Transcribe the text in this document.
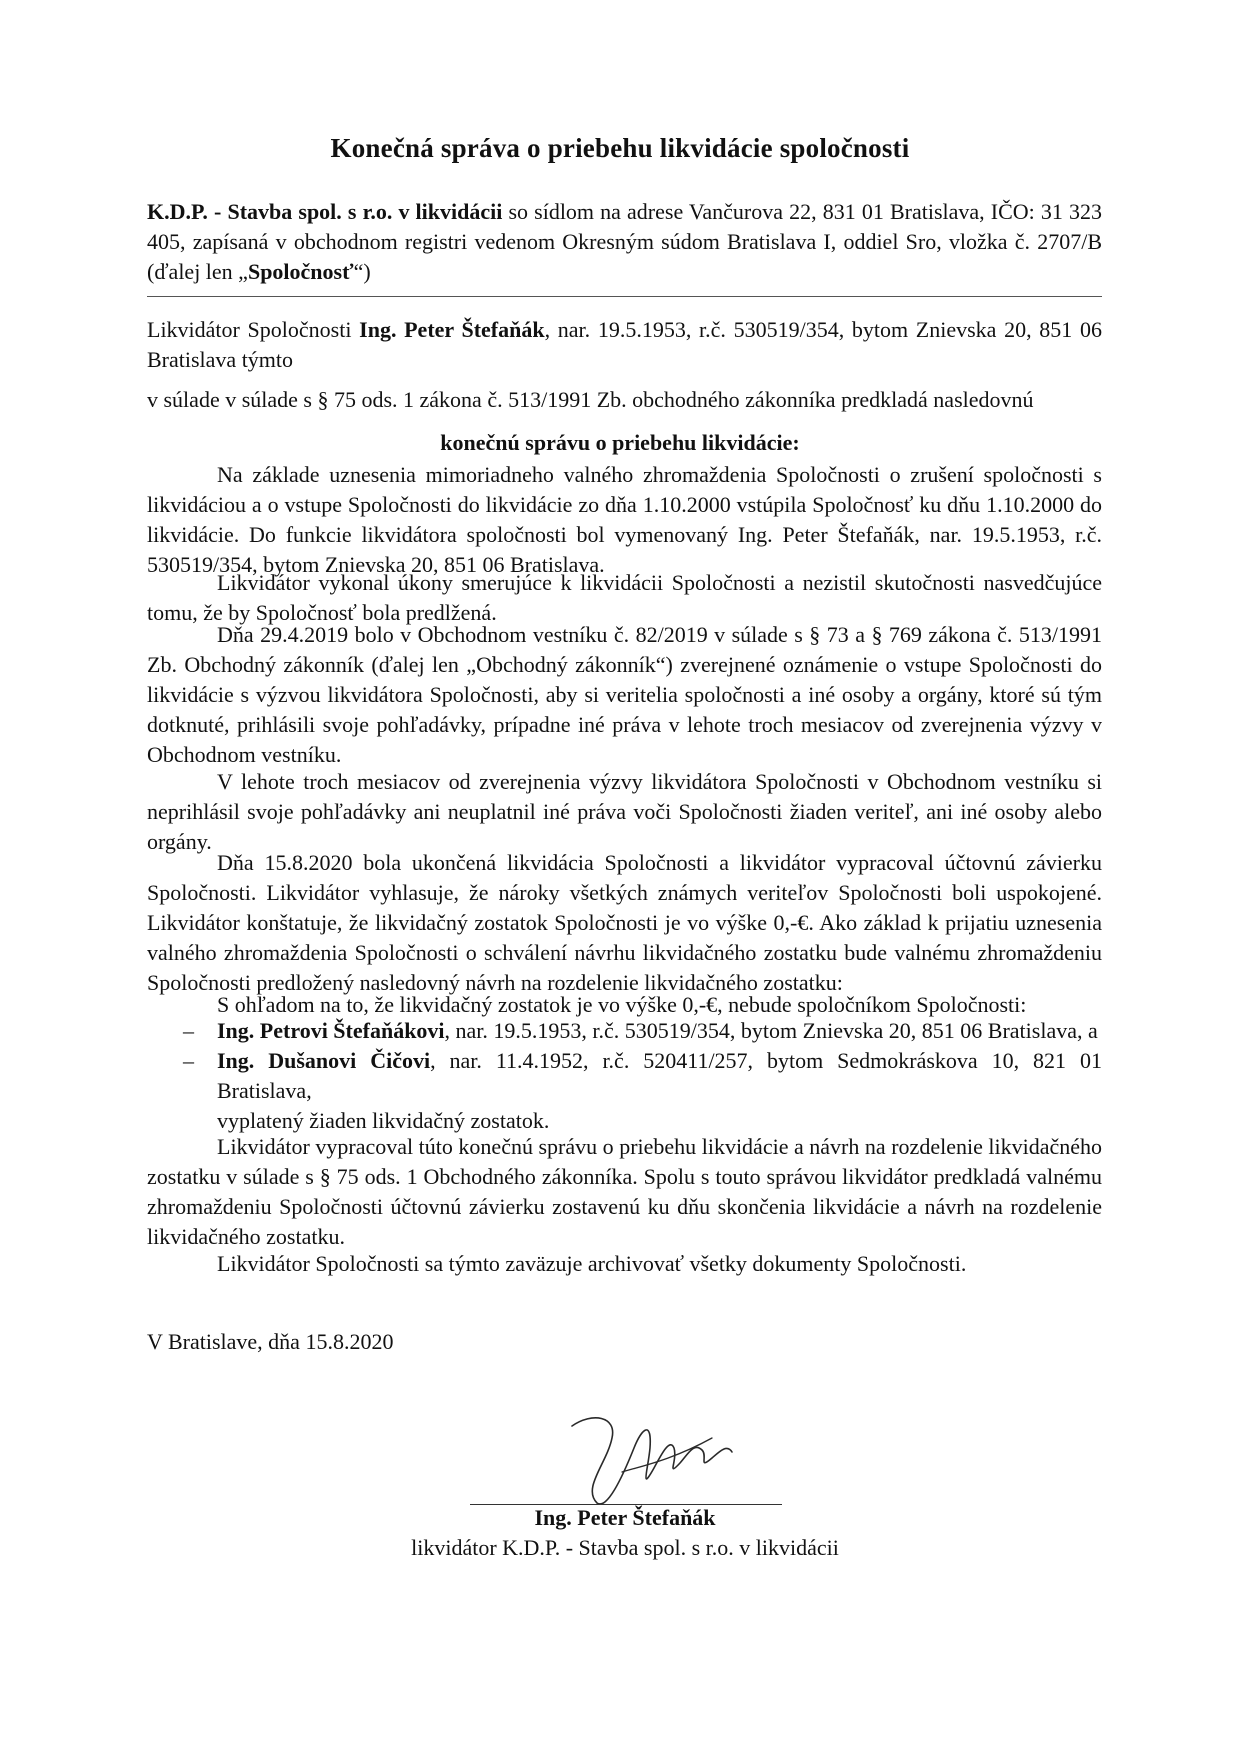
Konečná správa o priebehu likvidácie spoločnosti
K.D.P. - Stavba spol. s r.o. v likvidácii so sídlom na adrese Vančurova 22, 831 01 Bratislava, IČO: 31 323 405, zapísaná v obchodnom registri vedenom Okresným súdom Bratislava I, oddiel Sro, vložka č. 2707/B (ďalej len „Spoločnosť“)
Likvidátor Spoločnosti Ing. Peter Štefaňák, nar. 19.5.1953, r.č. 530519/354, bytom Znievska 20, 851 06 Bratislava týmto
v súlade v súlade s § 75 ods. 1 zákona č. 513/1991 Zb. obchodného zákonníka predkladá nasledovnú
konečnú správu o priebehu likvidácie:
Na základe uznesenia mimoriadneho valného zhromaždenia Spoločnosti o zrušení spoločnosti s likvidáciou a o vstupe Spoločnosti do likvidácie zo dňa 1.10.2000 vstúpila Spoločnosť ku dňu 1.10.2000 do likvidácie. Do funkcie likvidátora spoločnosti bol vymenovaný Ing. Peter Štefaňák, nar. 19.5.1953, r.č. 530519/354, bytom Znievska 20, 851 06 Bratislava.
Likvidátor vykonal úkony smerujúce k likvidácii Spoločnosti a nezistil skutočnosti nasvedčujúce tomu, že by Spoločnosť bola predlžená.
Dňa 29.4.2019 bolo v Obchodnom vestníku č. 82/2019 v súlade s § 73 a § 769 zákona č. 513/1991 Zb. Obchodný zákonník (ďalej len „Obchodný zákonník“) zverejnené oznámenie o vstupe Spoločnosti do likvidácie s výzvou likvidátora Spoločnosti, aby si veritelia spoločnosti a iné osoby a orgány, ktoré sú tým dotknuté, prihlásili svoje pohľadávky, prípadne iné práva v lehote troch mesiacov od zverejnenia výzvy v Obchodnom vestníku.
V lehote troch mesiacov od zverejnenia výzvy likvidátora Spoločnosti v Obchodnom vestníku si neprihlásil svoje pohľadávky ani neuplatnil iné práva voči Spoločnosti žiaden veriteľ, ani iné osoby alebo orgány.
Dňa 15.8.2020 bola ukončená likvidácia Spoločnosti a likvidátor vypracoval účtovnú závierku Spoločnosti. Likvidátor vyhlasuje, že nároky všetkých známych veriteľov Spoločnosti boli uspokojené. Likvidátor konštatuje, že likvidačný zostatok Spoločnosti je vo výške 0,-€. Ako základ k prijatiu uznesenia valného zhromaždenia Spoločnosti o schválení návrhu likvidačného zostatku bude valnému zhromaždeniu Spoločnosti predložený nasledovný návrh na rozdelenie likvidačného zostatku:
S ohľadom na to, že likvidačný zostatok je vo výške 0,-€, nebude spoločníkom Spoločnosti:
– Ing. Petrovi Štefaňákovi, nar. 19.5.1953, r.č. 530519/354, bytom Znievska 20, 851 06 Bratislava, a
– Ing. Dušanovi Čičovi, nar. 11.4.1952, r.č. 520411/257, bytom Sedmokráskova 10, 821 01 Bratislava,
vyplatený žiaden likvidačný zostatok.
Likvidátor vypracoval túto konečnú správu o priebehu likvidácie a návrh na rozdelenie likvidačného zostatku v súlade s § 75 ods. 1 Obchodného zákonníka. Spolu s touto správou likvidátor predkladá valnému zhromaždeniu Spoločnosti účtovnú závierku zostavenú ku dňu skončenia likvidácie a návrh na rozdelenie likvidačného zostatku.
Likvidátor Spoločnosti sa týmto zaväzuje archivovať všetky dokumenty Spoločnosti.
V Bratislave, dňa 15.8.2020
Ing. Peter Štefaňák
likvidátor K.D.P. - Stavba spol. s r.o. v likvidácii
